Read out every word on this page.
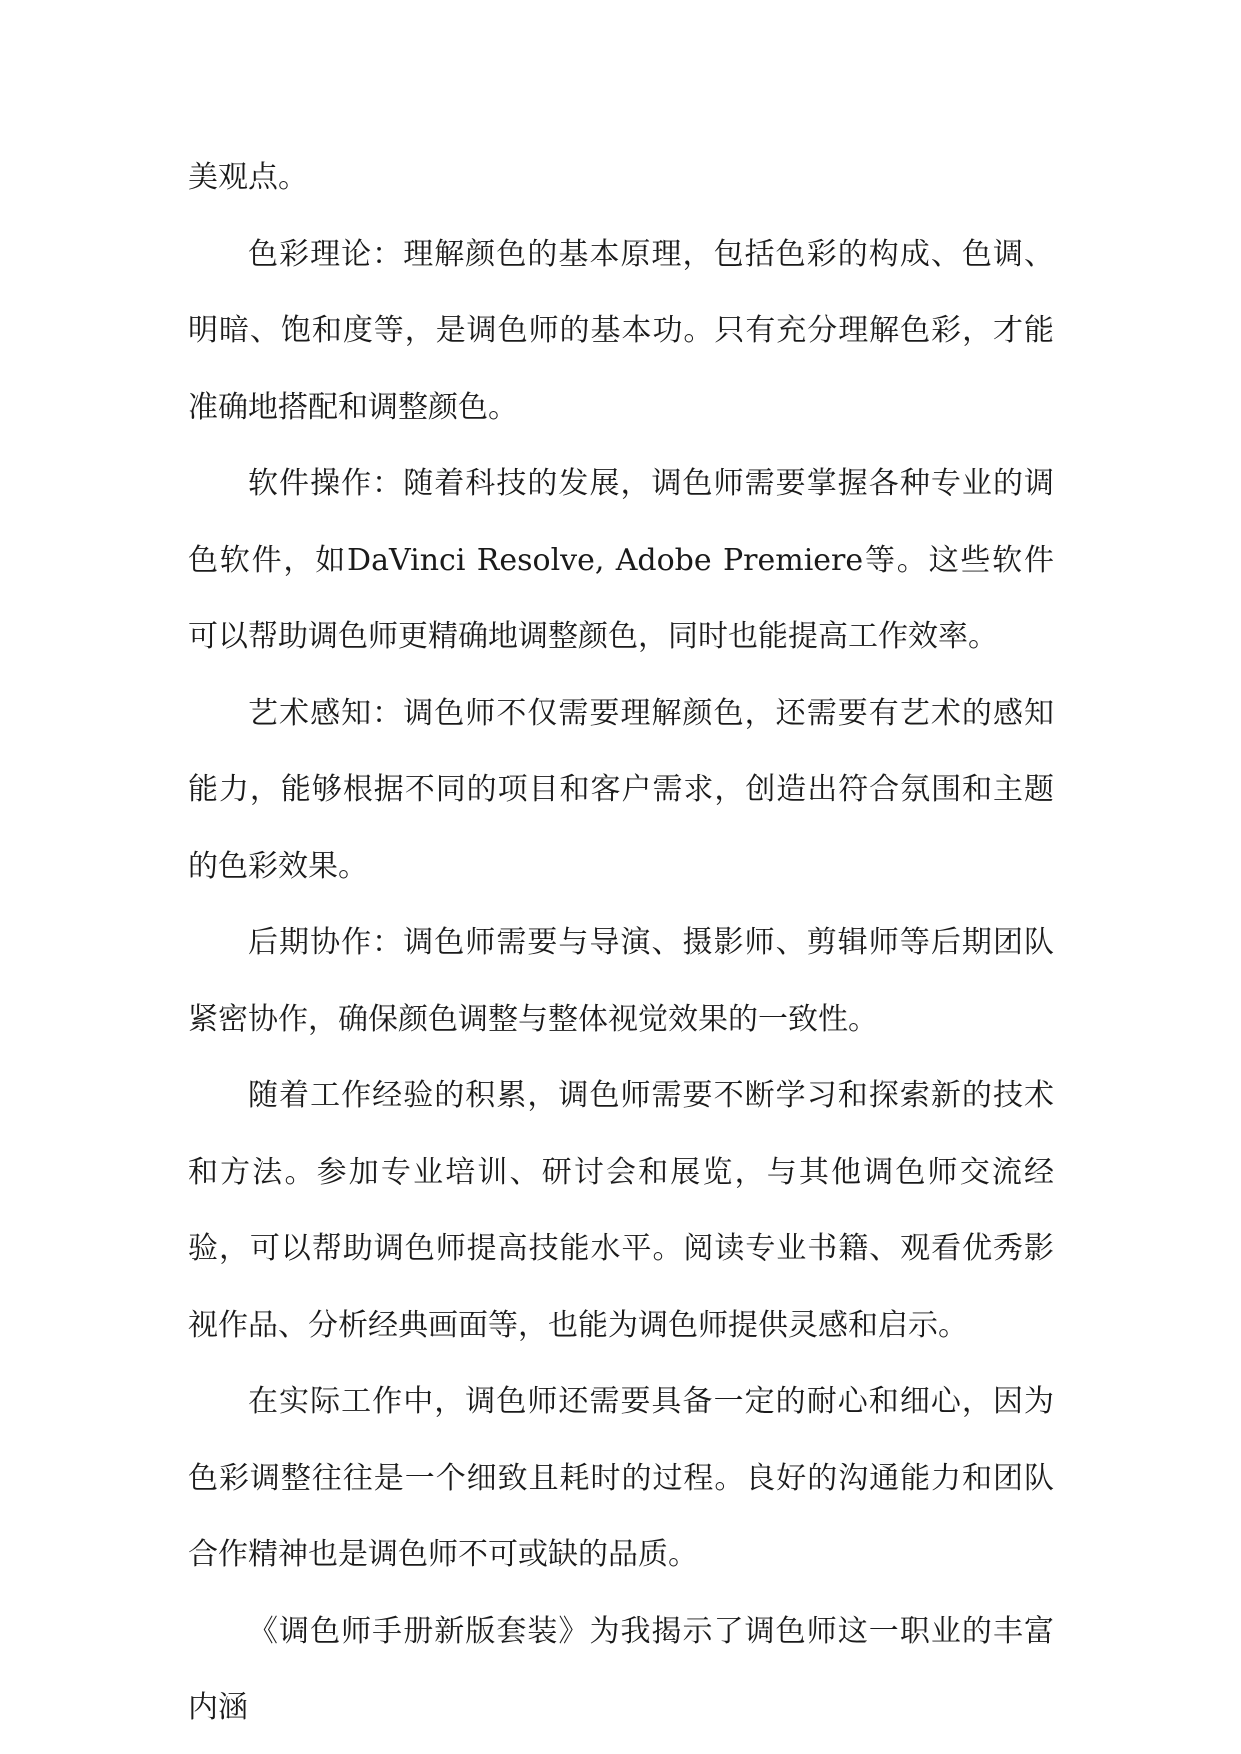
美观点。

色彩理论：理解颜色的基本原理，包括色彩的构成、色调、明暗、饱和度等，是调色师的基本功。只有充分理解色彩，才能准确地搭配和调整颜色。

软件操作：随着科技的发展，调色师需要掌握各种专业的调色软件，如DaVinci Resolve, Adobe Premiere等。这些软件可以帮助调色师更精确地调整颜色，同时也能提高工作效率。

艺术感知：调色师不仅需要理解颜色，还需要有艺术的感知能力，能够根据不同的项目和客户需求，创造出符合氛围和主题的色彩效果。

后期协作：调色师需要与导演、摄影师、剪辑师等后期团队紧密协作，确保颜色调整与整体视觉效果的一致性。

随着工作经验的积累，调色师需要不断学习和探索新的技术和方法。参加专业培训、研讨会和展览，与其他调色师交流经验，可以帮助调色师提高技能水平。阅读专业书籍、观看优秀影视作品、分析经典画面等，也能为调色师提供灵感和启示。

在实际工作中，调色师还需要具备一定的耐心和细心，因为色彩调整往往是一个细致且耗时的过程。良好的沟通能力和团队合作精神也是调色师不可或缺的品质。

《调色师手册新版套装》为我揭示了调色师这一职业的丰富内涵
